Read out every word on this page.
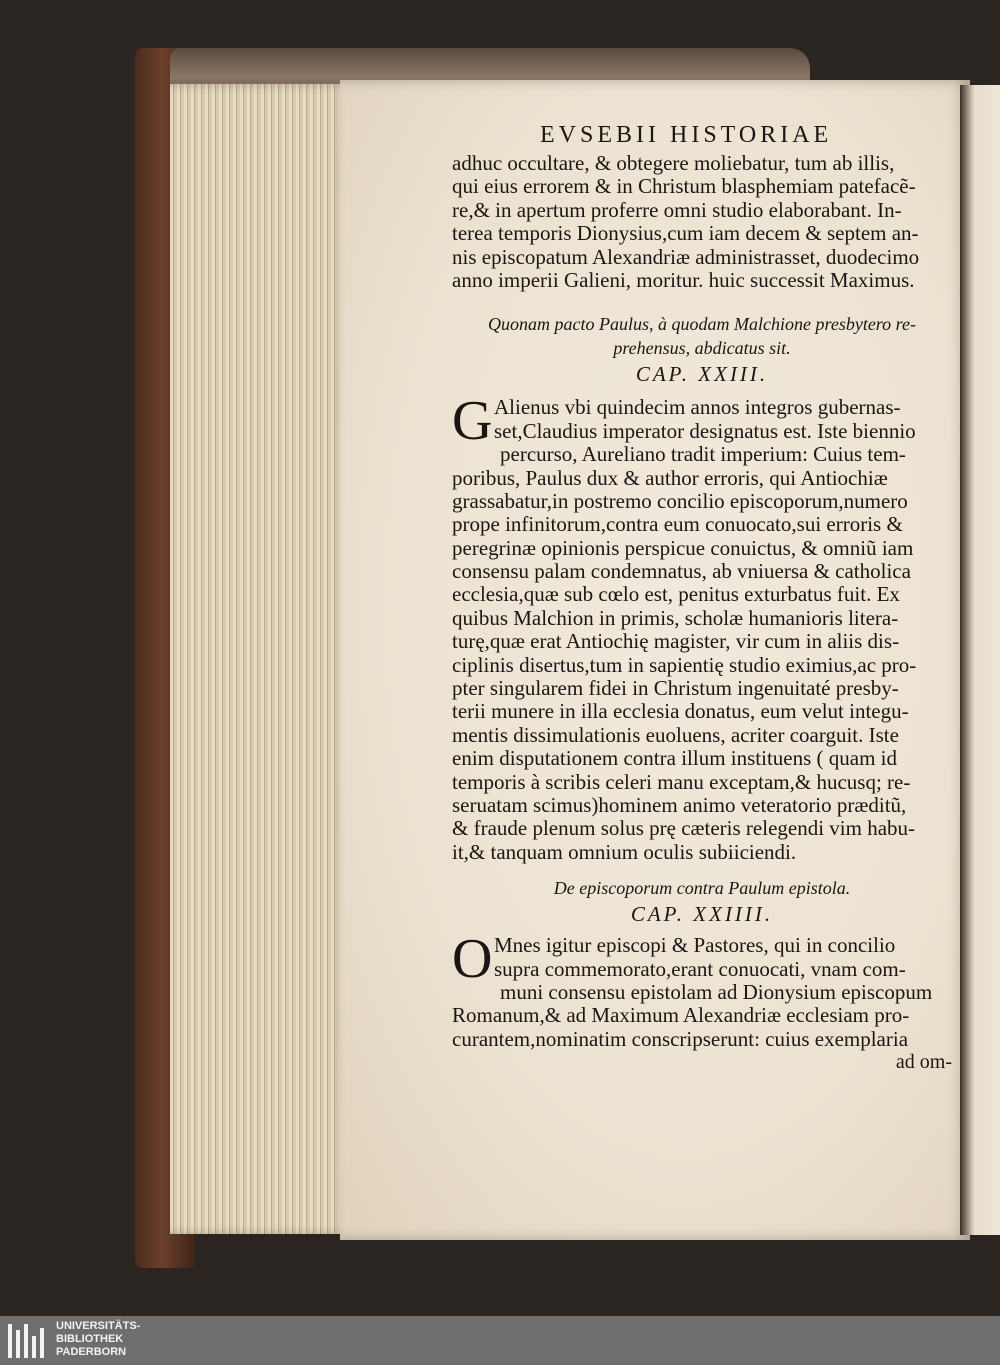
EVSEBII HISTORIAE
adhuc occultare, & obtegere moliebatur, tum ab illis,
qui eius errorem & in Christum blasphemiam patefacẽ-
re,& in apertum proferre omni studio elaborabant. In-
terea temporis Dionysius,cum iam decem & septem an-
nis episcopatum Alexandriæ administrasset, duodecimo
anno imperii Galieni, moritur. huic successit Maximus.
Quonam pacto Paulus, à quodam Malchione presbytero re-
prehensus, abdicatus sit.
CAP. XXIII.
G Alienus vbi quindecim annos integros gubernas-
set,Claudius imperator designatus est. Iste biennio
percurso, Aureliano tradit imperium: Cuius tem-
poribus, Paulus dux & author erroris, qui Antiochiæ
grassabatur,in postremo concilio episcoporum,numero
prope infinitorum,contra eum conuocato,sui erroris &
peregrinæ opinionis perspicue conuictus, & omniũ iam
consensu palam condemnatus, ab vniuersa & catholica
ecclesia,quæ sub cœlo est, penitus exturbatus fuit. Ex
quibus Malchion in primis, scholæ humanioris litera-
turę,quæ erat Antiochię magister, vir cum in aliis dis-
ciplinis disertus,tum in sapientię studio eximius,ac pro-
pter singularem fidei in Christum ingenuitaté presby-
terii munere in illa ecclesia donatus, eum velut integu-
mentis dissimulationis euoluens, acriter coarguit. Iste
enim disputationem contra illum instituens ( quam id
temporis à scribis celeri manu exceptam,& hucusq; re-
seruatam scimus)hominem animo veteratorio præditũ,
& fraude plenum solus prę cæteris relegendi vim habu-
it,& tanquam omnium oculis subiiciendi.
De episcoporum contra Paulum epistola.
CAP. XXIIII.
O Mnes igitur episcopi & Pastores, qui in concilio
supra commemorato,erant conuocati, vnam com-
muni consensu epistolam ad Dionysium episcopum
Romanum,& ad Maximum Alexandriæ ecclesiam pro-
curantem,nominatim conscripserunt: cuius exemplaria
ad om-
UNIVERSITÄTS-
BIBLIOTHEK
PADERBORN
